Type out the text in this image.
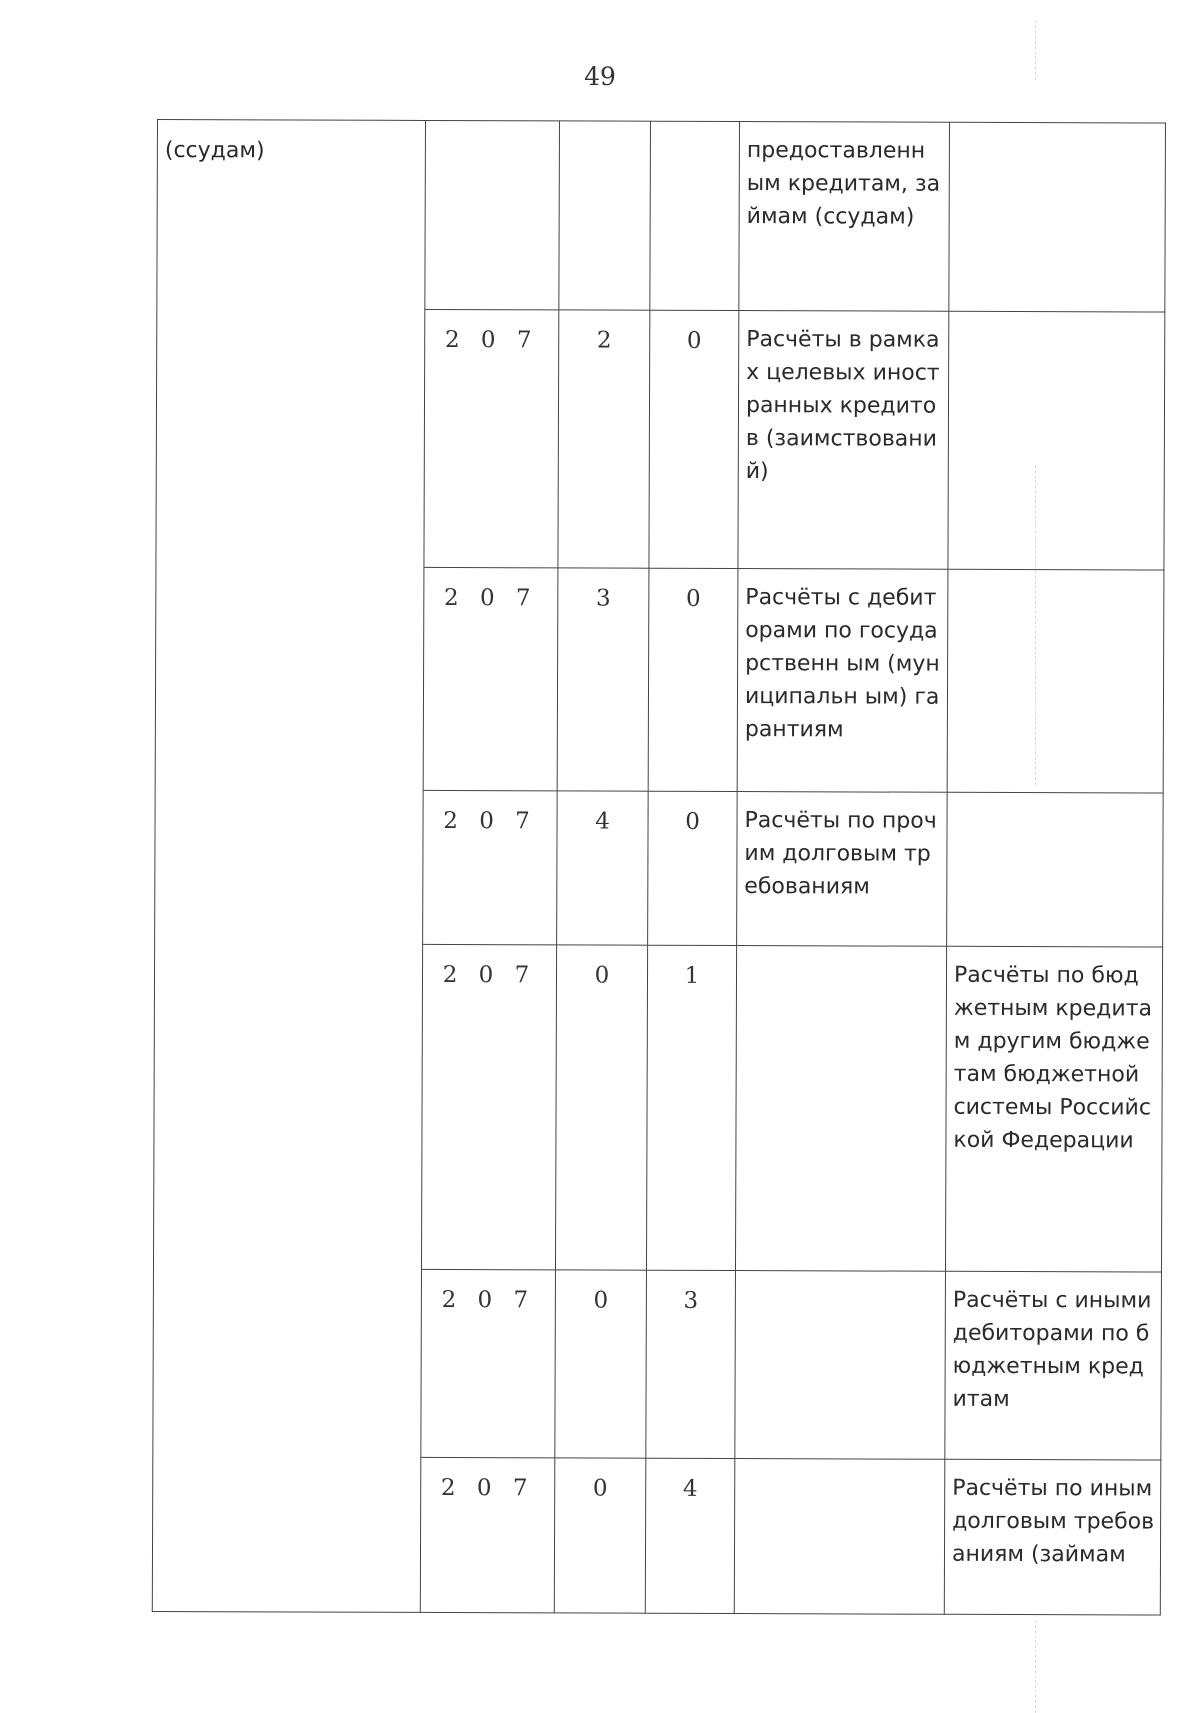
49
(ссудам)				предоставленн ым кредитам, займам (ссудам)	
	2 0 7	2	0	Расчёты в рамках целевых иностранных кредитов (заимствовани й)	
	2 0 7	3	0	Расчёты с дебиторами по государственн ым (муниципальн ым) гарантиям	
	2 0 7	4	0	Расчёты по прочим долговым требованиям	
	2 0 7	0	1		Расчёты по бюджетным кредитам другим бюджетам бюджетной системы Российской Федерации
	2 0 7	0	3		Расчёты с иными дебиторами по бюджетным кредитам
	2 0 7	0	4		Расчёты по иным долговым требованиям (займам
